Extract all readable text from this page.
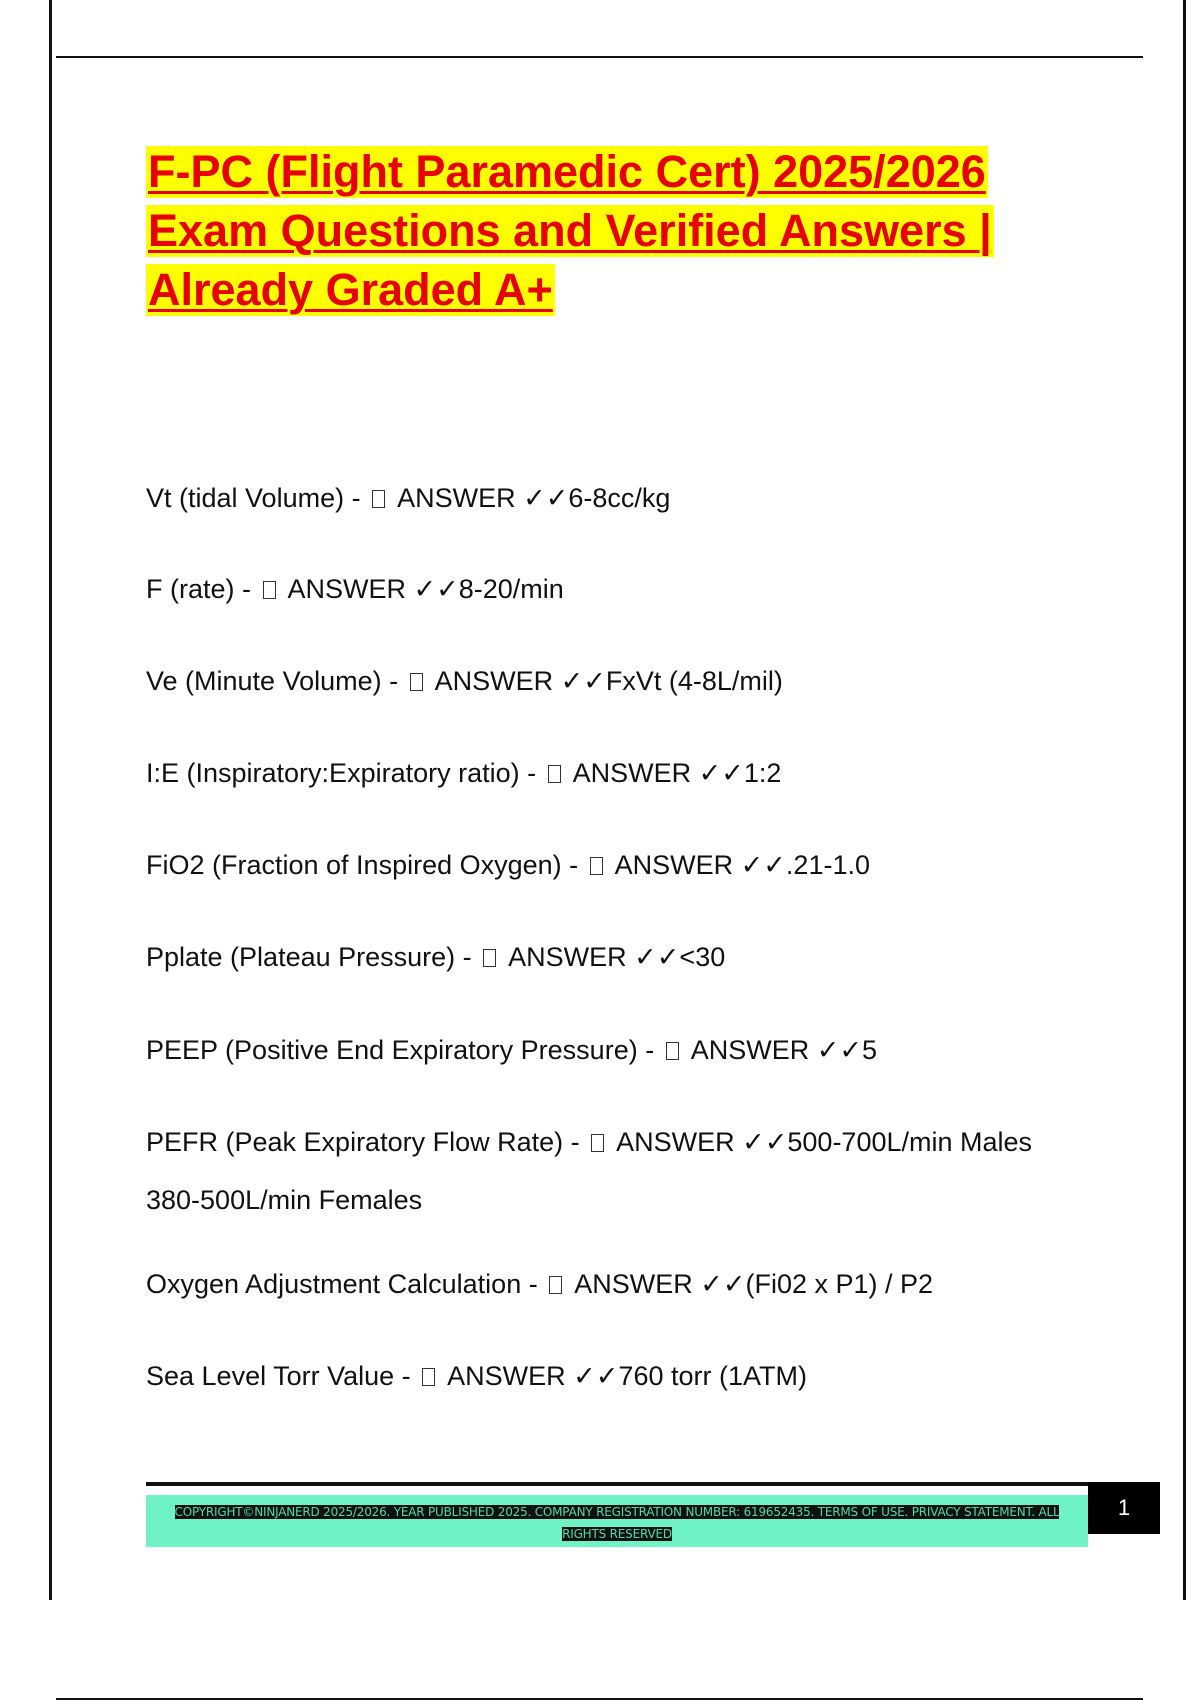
F-PC (Flight Paramedic Cert) 2025/2026
Exam Questions and Verified Answers |
Already Graded A+
Vt (tidal Volume) -  ANSWER ✓✓6-8cc/kg
F (rate) -  ANSWER ✓✓8-20/min
Ve (Minute Volume) -  ANSWER ✓✓FxVt (4-8L/mil)
I:E (Inspiratory:Expiratory ratio) -  ANSWER ✓✓1:2
FiO2 (Fraction of Inspired Oxygen) -  ANSWER ✓✓.21-1.0
Pplate (Plateau Pressure) -  ANSWER ✓✓<30
PEEP (Positive End Expiratory Pressure) -  ANSWER ✓✓5
PEFR (Peak Expiratory Flow Rate) -  ANSWER ✓✓500-700L/min Males
380-500L/min Females
Oxygen Adjustment Calculation -  ANSWER ✓✓(Fi02 x P1) / P2
Sea Level Torr Value -  ANSWER ✓✓760 torr (1ATM)
COPYRIGHT©NINJANERD 2025/2026. YEAR PUBLISHED 2025. COMPANY REGISTRATION NUMBER: 619652435. TERMS OF USE. PRIVACY STATEMENT. ALL RIGHTS RESERVED
1
